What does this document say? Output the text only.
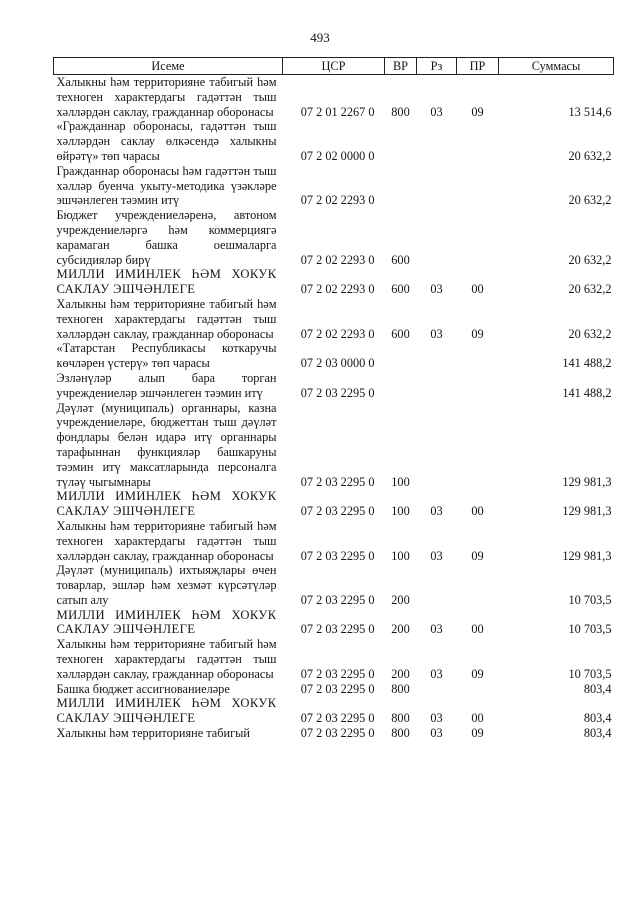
493
Исеме	ЦСР	ВР	Рз	ПР	Суммасы
Халыкны һәм территорияне табигый һәм техноген характердагы гадәттән тыш хәлләрдән саклау, гражданнар оборонасы	07 2 01 2267 0	800	03	09	13 514,6
«Гражданнар оборонасы, гадәттән тыш хәлләрдән саклау өлкәсендә халыкны өйрәтү» төп чарасы	07 2 02 0000 0				20 632,2
Гражданнар оборонасы һәм гадәттән тыш хәлләр буенча укыту-методика үзәкләре эшчәнлеген тәэмин итү	07 2 02 2293 0				20 632,2
Бюджет учреждениеләренә, автоном учреждениеләргә һәм коммерциягә карамаган башка оешмаларга субсидияләр бирү	07 2 02 2293 0	600			20 632,2
МИЛЛИ ИМИНЛЕК ҺӘМ ХОКУК САКЛАУ ЭШЧӘНЛЕГЕ	07 2 02 2293 0	600	03	00	20 632,2
Халыкны һәм территорияне табигый һәм техноген характердагы гадәттән тыш хәлләрдән саклау, гражданнар оборонасы	07 2 02 2293 0	600	03	09	20 632,2
«Татарстан Республикасы коткаручы көчләрен үстерү» төп чарасы	07 2 03 0000 0				141 488,2
Эзләнүләр алып бара торган учреждениеләр эшчәнлеген тәэмин итү	07 2 03 2295 0				141 488,2
Дәүләт (муниципаль) органнары, казна учреждениеләре, бюджеттан тыш дәүләт фондлары белән идарә итү органнары тарафыннан функцияләр башкаруны тәэмин итү максатларында персоналга түләү чыгымнары	07 2 03 2295 0	100			129 981,3
МИЛЛИ ИМИНЛЕК ҺӘМ ХОКУК САКЛАУ ЭШЧӘНЛЕГЕ	07 2 03 2295 0	100	03	00	129 981,3
Халыкны һәм территорияне табигый һәм техноген характердагы гадәттән тыш хәлләрдән саклау, гражданнар оборонасы	07 2 03 2295 0	100	03	09	129 981,3
Дәүләт (муниципаль) ихтыяҗлары өчен товарлар, эшләр һәм хезмәт күрсәтүләр сатып алу	07 2 03 2295 0	200			10 703,5
МИЛЛИ ИМИНЛЕК ҺӘМ ХОКУК САКЛАУ ЭШЧӘНЛЕГЕ	07 2 03 2295 0	200	03	00	10 703,5
Халыкны һәм территорияне табигый һәм техноген характердагы гадәттән тыш хәлләрдән саклау, гражданнар оборонасы	07 2 03 2295 0	200	03	09	10 703,5
Башка бюджет ассигнованиеләре	07 2 03 2295 0	800			803,4
МИЛЛИ ИМИНЛЕК ҺӘМ ХОКУК САКЛАУ ЭШЧӘНЛЕГЕ	07 2 03 2295 0	800	03	00	803,4
Халыкны һәм территорияне табигый	07 2 03 2295 0	800	03	09	803,4
